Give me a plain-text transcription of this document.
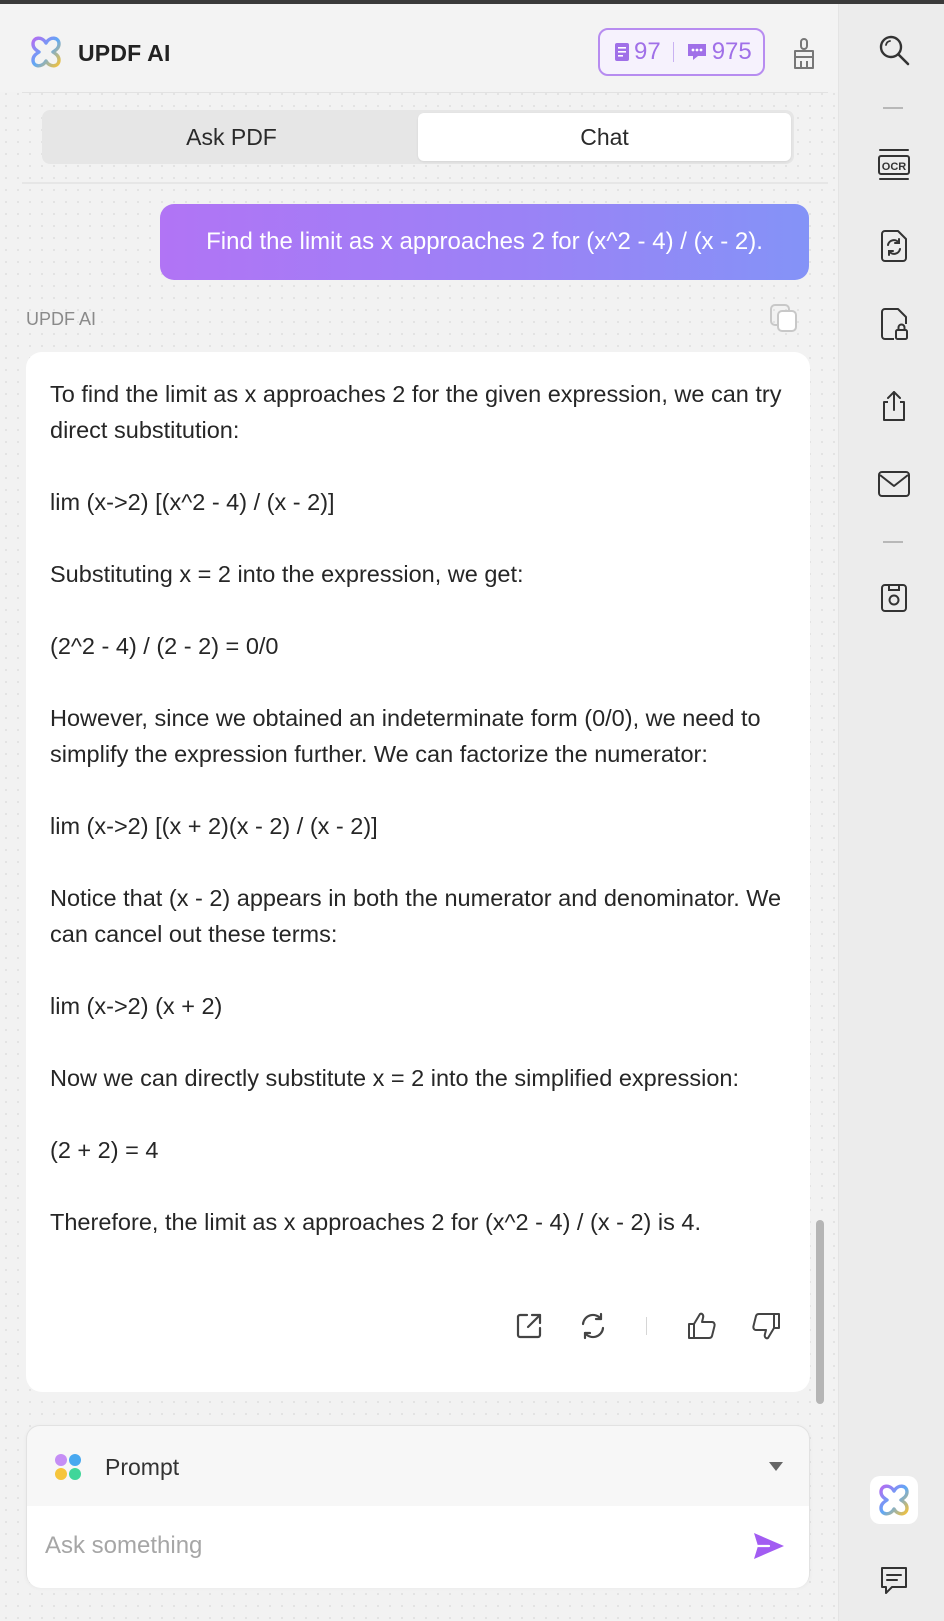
UPDF AI	97 975
Ask PDF	Chat
Find the limit as x approaches 2 for (x^2 - 4) / (x - 2).
UPDF AI

To find the limit as x approaches 2 for the given expression, we can try direct substitution:

lim (x->2) [(x^2 - 4) / (x - 2)]

Substituting x = 2 into the expression, we get:

(2^2 - 4) / (2 - 2) = 0/0

However, since we obtained an indeterminate form (0/0), we need to simplify the expression further. We can factorize the numerator:

lim (x->2) [(x + 2)(x - 2) / (x - 2)]

Notice that (x - 2) appears in both the numerator and denominator. We can cancel out these terms:

lim (x->2) (x + 2)

Now we can directly substitute x = 2 into the simplified expression:

(2 + 2) = 4

Therefore, the limit as x approaches 2 for (x^2 - 4) / (x - 2) is 4.

Prompt
Ask something
OCR
